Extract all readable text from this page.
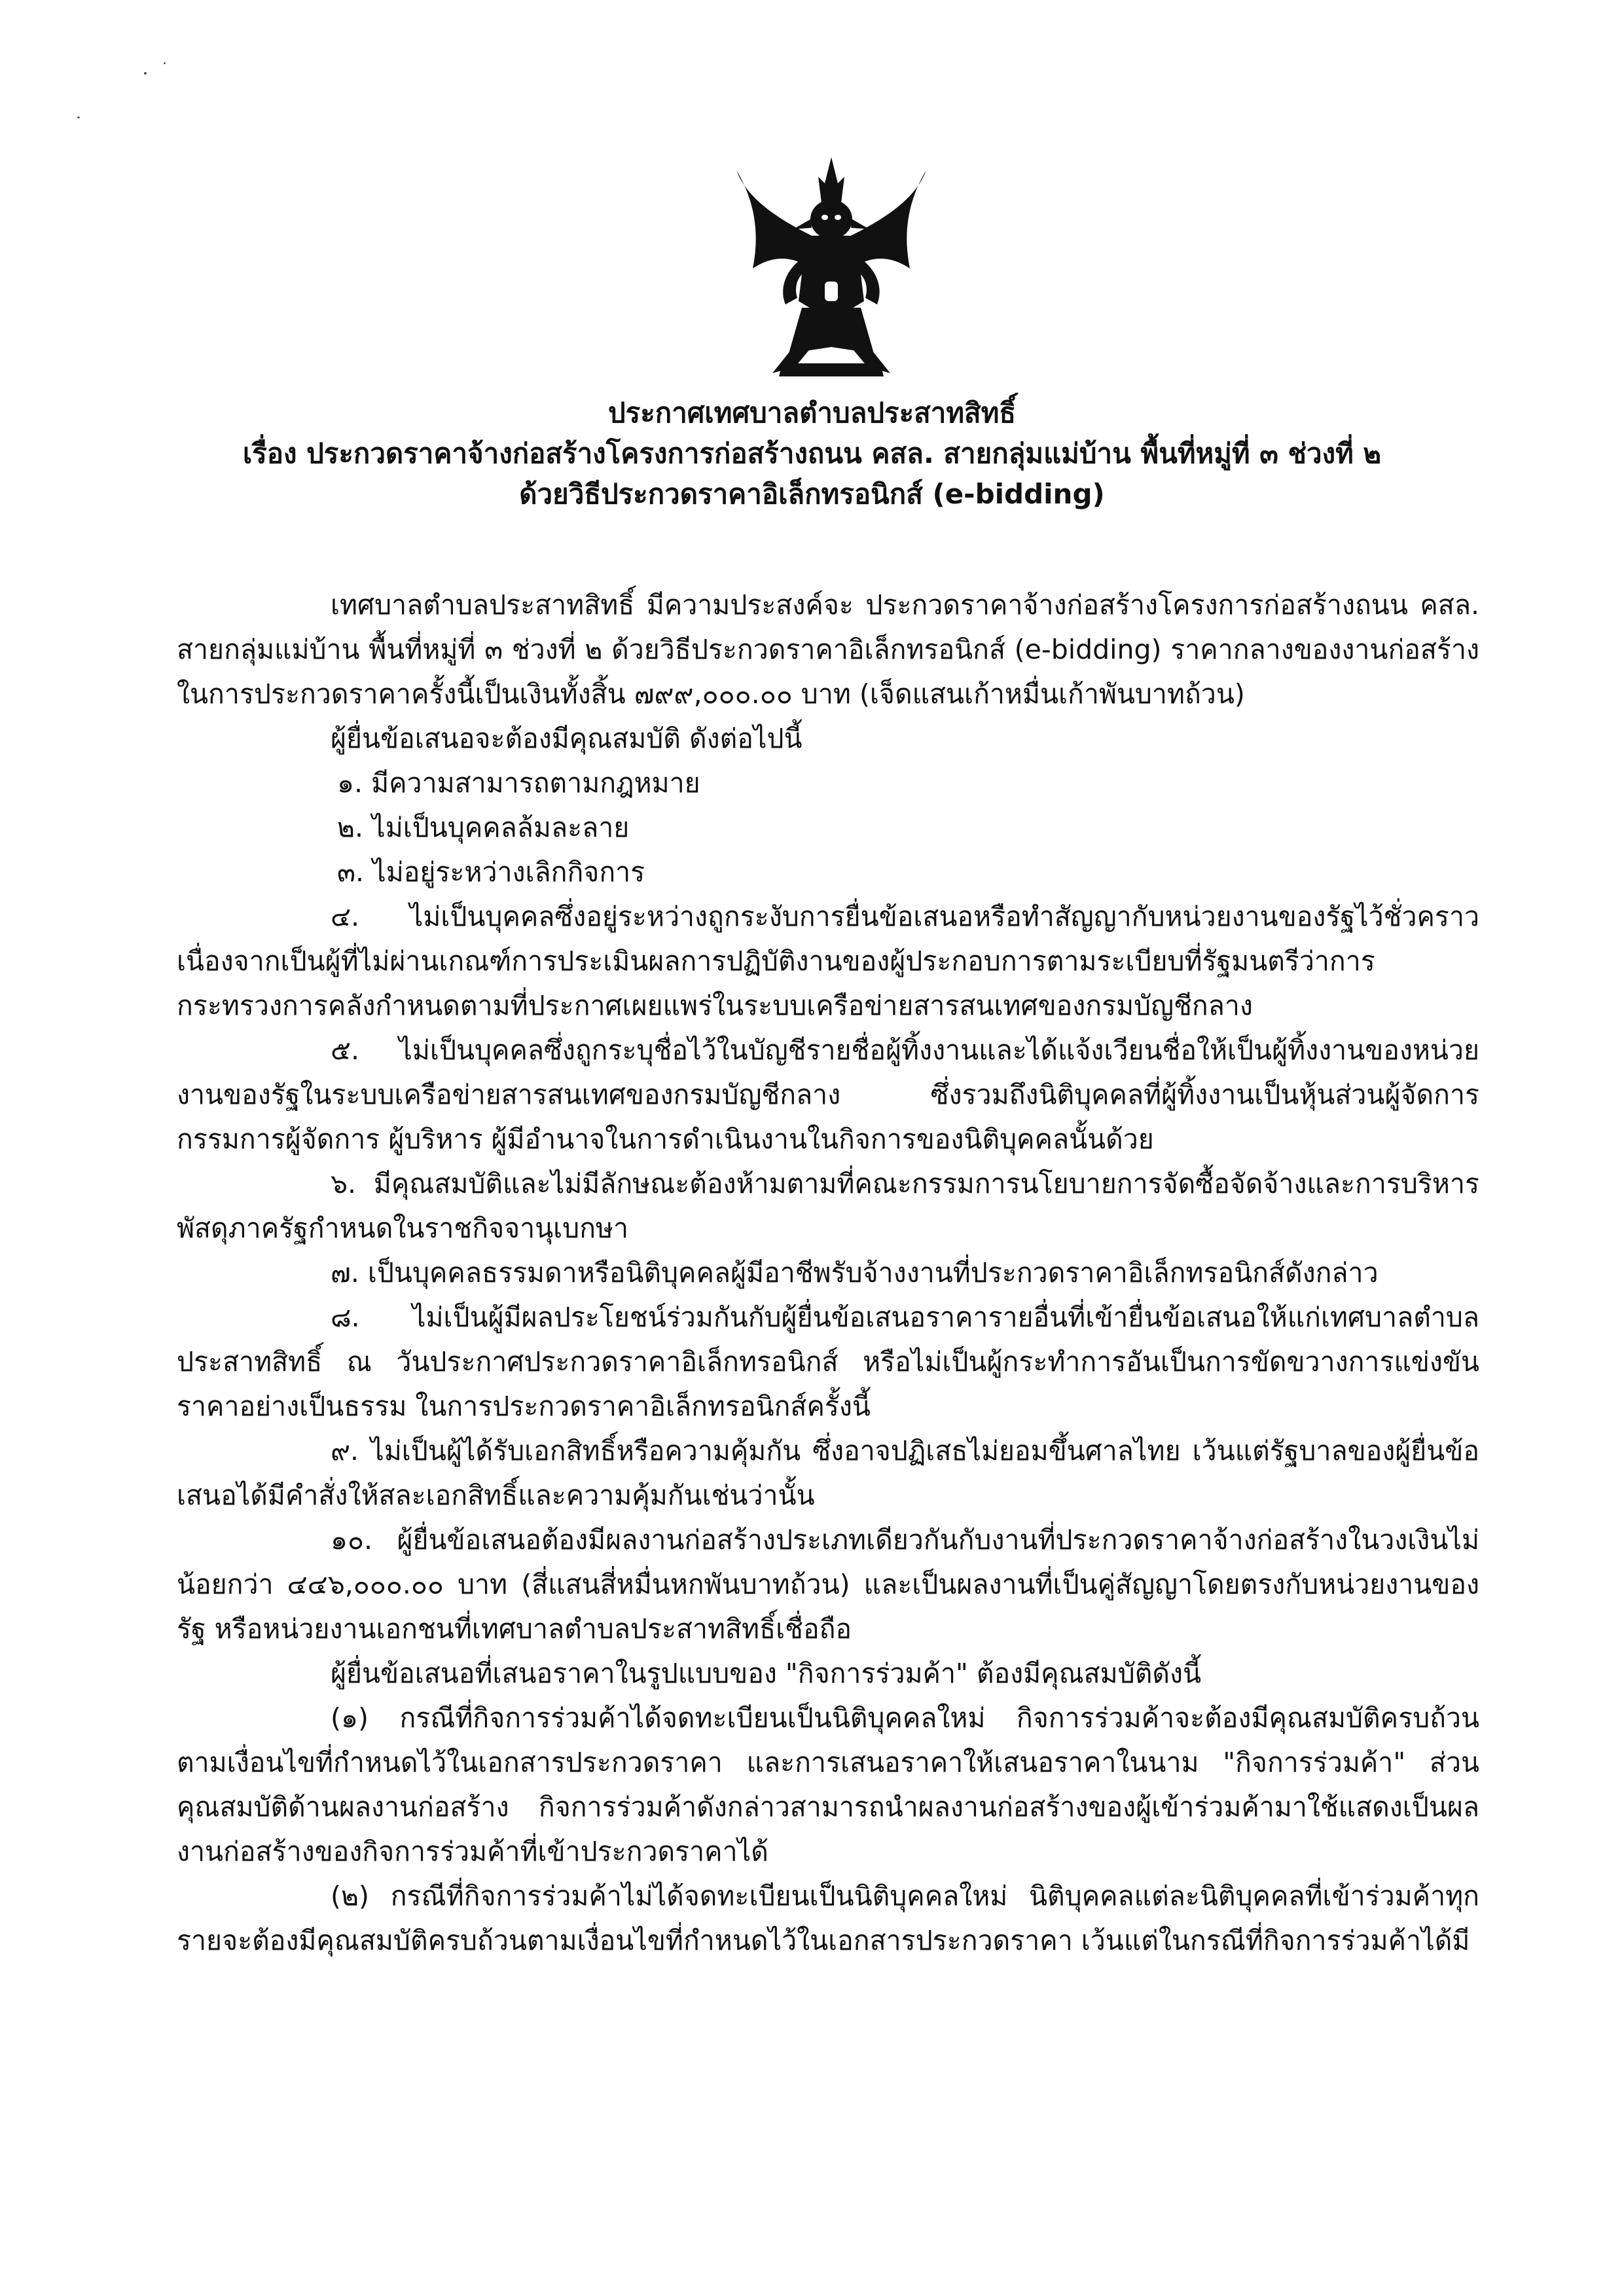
ประกาศเทศบาลตำบลประสาทสิทธิ์
เรื่อง ประกวดราคาจ้างก่อสร้างโครงการก่อสร้างถนน คสล. สายกลุ่มแม่บ้าน พื้นที่หมู่ที่ ๓ ช่วงที่ ๒
ด้วยวิธีประกวดราคาอิเล็กทรอนิกส์ (e-bidding)

เทศบาลตำบลประสาทสิทธิ์ มีความประสงค์จะ ประกวดราคาจ้างก่อสร้างโครงการก่อสร้างถนน คสล. สายกลุ่มแม่บ้าน พื้นที่หมู่ที่ ๓ ช่วงที่ ๒ ด้วยวิธีประกวดราคาอิเล็กทรอนิกส์ (e-bidding) ราคากลางของงานก่อสร้างในการประกวดราคาครั้งนี้เป็นเงินทั้งสิ้น ๗๙๙,๐๐๐.๐๐ บาท (เจ็ดแสนเก้าหมื่นเก้าพันบาทถ้วน)

ผู้ยื่นข้อเสนอจะต้องมีคุณสมบัติ ดังต่อไปนี้

๑. มีความสามารถตามกฎหมาย

๒. ไม่เป็นบุคคลล้มละลาย

๓. ไม่อยู่ระหว่างเลิกกิจการ

๔. ไม่เป็นบุคคลซึ่งอยู่ระหว่างถูกระงับการยื่นข้อเสนอหรือทำสัญญากับหน่วยงานของรัฐไว้ชั่วคราว เนื่องจากเป็นผู้ที่ไม่ผ่านเกณฑ์การประเมินผลการปฏิบัติงานของผู้ประกอบการตามระเบียบที่รัฐมนตรีว่าการกระทรวงการคลังกำหนดตามที่ประกาศเผยแพร่ในระบบเครือข่ายสารสนเทศของกรมบัญชีกลาง

๕. ไม่เป็นบุคคลซึ่งถูกระบุชื่อไว้ในบัญชีรายชื่อผู้ทิ้งงานและได้แจ้งเวียนชื่อให้เป็นผู้ทิ้งงานของหน่วยงานของรัฐในระบบเครือข่ายสารสนเทศของกรมบัญชีกลาง ซึ่งรวมถึงนิติบุคคลที่ผู้ทิ้งงานเป็นหุ้นส่วนผู้จัดการ กรรมการผู้จัดการ ผู้บริหาร ผู้มีอำนาจในการดำเนินงานในกิจการของนิติบุคคลนั้นด้วย

๖. มีคุณสมบัติและไม่มีลักษณะต้องห้ามตามที่คณะกรรมการนโยบายการจัดซื้อจัดจ้างและการบริหารพัสดุภาครัฐกำหนดในราชกิจจานุเบกษา

๗. เป็นบุคคลธรรมดาหรือนิติบุคคลผู้มีอาชีพรับจ้างงานที่ประกวดราคาอิเล็กทรอนิกส์ดังกล่าว

๘. ไม่เป็นผู้มีผลประโยชน์ร่วมกันกับผู้ยื่นข้อเสนอราคารายอื่นที่เข้ายื่นข้อเสนอให้แก่เทศบาลตำบลประสาทสิทธิ์ ณ วันประกาศประกวดราคาอิเล็กทรอนิกส์ หรือไม่เป็นผู้กระทำการอันเป็นการขัดขวางการแข่งขันราคาอย่างเป็นธรรม ในการประกวดราคาอิเล็กทรอนิกส์ครั้งนี้

๙. ไม่เป็นผู้ได้รับเอกสิทธิ์หรือความคุ้มกัน ซึ่งอาจปฏิเสธไม่ยอมขึ้นศาลไทย เว้นแต่รัฐบาลของผู้ยื่นข้อเสนอได้มีคำสั่งให้สละเอกสิทธิ์และความคุ้มกันเช่นว่านั้น

๑๐. ผู้ยื่นข้อเสนอต้องมีผลงานก่อสร้างประเภทเดียวกันกับงานที่ประกวดราคาจ้างก่อสร้างในวงเงินไม่น้อยกว่า ๔๔๖,๐๐๐.๐๐ บาท (สี่แสนสี่หมื่นหกพันบาทถ้วน) และเป็นผลงานที่เป็นคู่สัญญาโดยตรงกับหน่วยงานของรัฐ หรือหน่วยงานเอกชนที่เทศบาลตำบลประสาทสิทธิ์เชื่อถือ

ผู้ยื่นข้อเสนอที่เสนอราคาในรูปแบบของ "กิจการร่วมค้า" ต้องมีคุณสมบัติดังนี้

(๑) กรณีที่กิจการร่วมค้าได้จดทะเบียนเป็นนิติบุคคลใหม่ กิจการร่วมค้าจะต้องมีคุณสมบัติครบถ้วนตามเงื่อนไขที่กำหนดไว้ในเอกสารประกวดราคา และการเสนอราคาให้เสนอราคาในนาม "กิจการร่วมค้า" ส่วนคุณสมบัติด้านผลงานก่อสร้าง กิจการร่วมค้าดังกล่าวสามารถนำผลงานก่อสร้างของผู้เข้าร่วมค้ามาใช้แสดงเป็นผลงานก่อสร้างของกิจการร่วมค้าที่เข้าประกวดราคาได้

(๒) กรณีที่กิจการร่วมค้าไม่ได้จดทะเบียนเป็นนิติบุคคลใหม่ นิติบุคคลแต่ละนิติบุคคลที่เข้าร่วมค้าทุกรายจะต้องมีคุณสมบัติครบถ้วนตามเงื่อนไขที่กำหนดไว้ในเอกสารประกวดราคา เว้นแต่ในกรณีที่กิจการร่วมค้าได้มี
